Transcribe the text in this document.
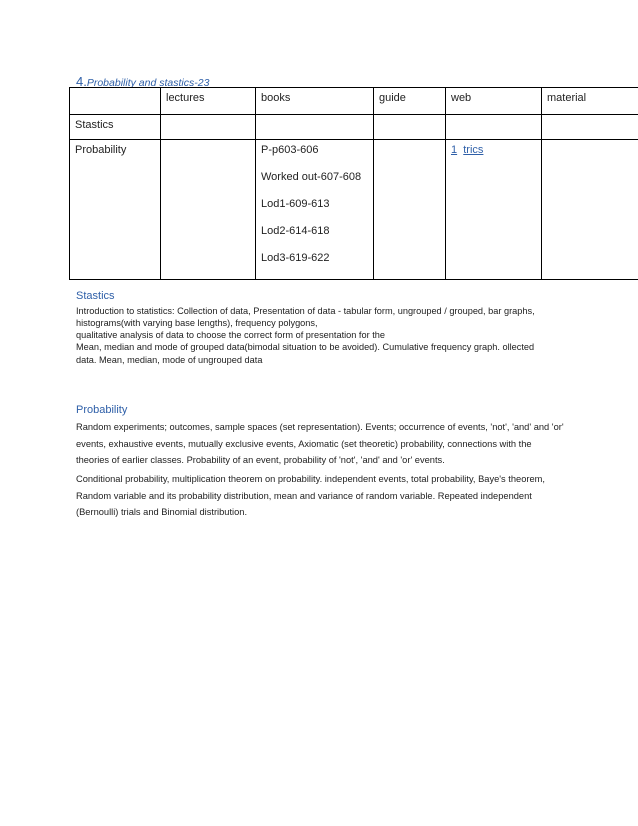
4.Probability and stastics-23
	lectures	books	guide	web	material
Stastics					
Probability		P-p603-606
Worked out-607-608
Lod1-609-613
Lod2-614-618
Lod3-619-622		1 trics	
Stastics
Introduction to statistics: Collection of data, Presentation of data - tabular form, ungrouped / grouped, bar graphs,
histograms(with varying base lengths), frequency polygons,
qualitative analysis of data to choose the correct form of presentation for the
Mean, median and mode of grouped data(bimodal situation to be avoided). Cumulative frequency graph. ollected
data. Mean, median, mode of ungrouped data
Probability
Random experiments; outcomes, sample spaces (set representation). Events; occurrence of events, 'not', 'and' and 'or' events, exhaustive events, mutually exclusive events, Axiomatic (set theoretic) probability, connections with the theories of earlier classes. Probability of an event, probability of 'not', 'and' and 'or' events.
Conditional probability, multiplication theorem on probability. independent events, total probability, Baye's theorem, Random variable and its probability distribution, mean and variance of random variable. Repeated independent (Bernoulli) trials and Binomial distribution.
